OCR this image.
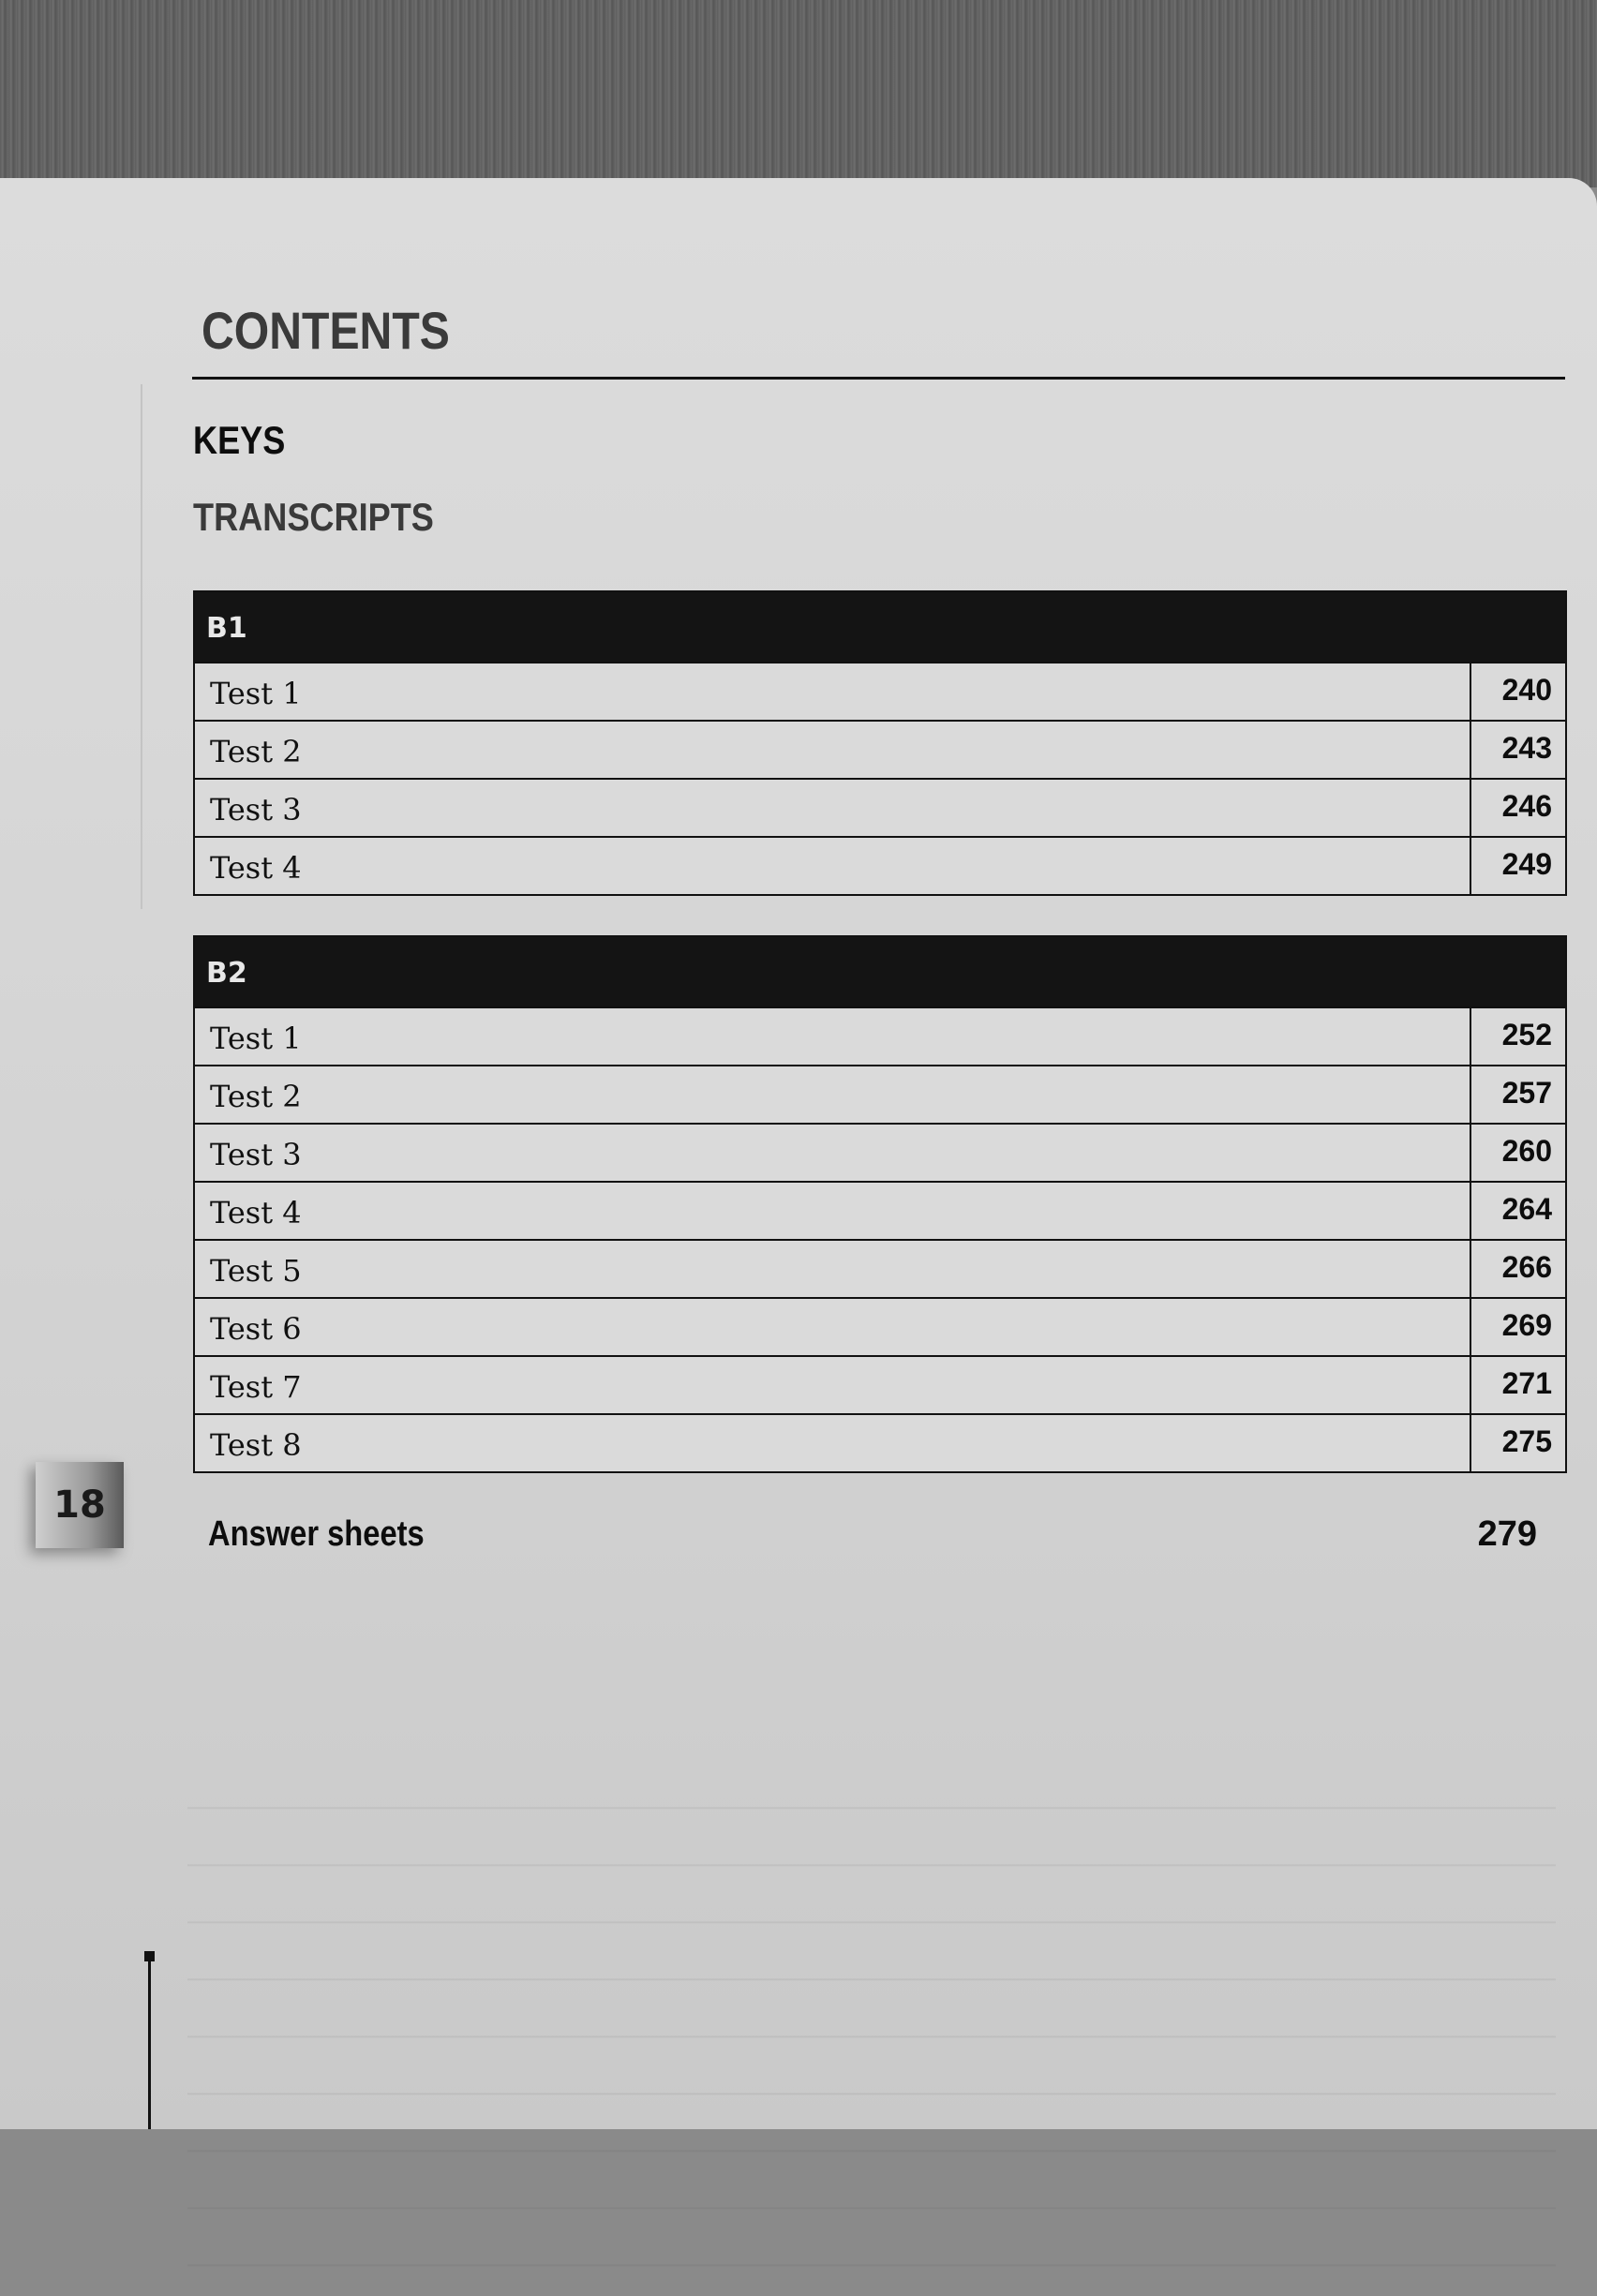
CONTENTS
KEYS
TRANSCRIPTS
B1
Test 1	240
Test 2	243
Test 3	246
Test 4	249
B2
Test 1	252
Test 2	257
Test 3	260
Test 4	264
Test 5	266
Test 6	269
Test 7	271
Test 8	275
Answer sheets	279
18
